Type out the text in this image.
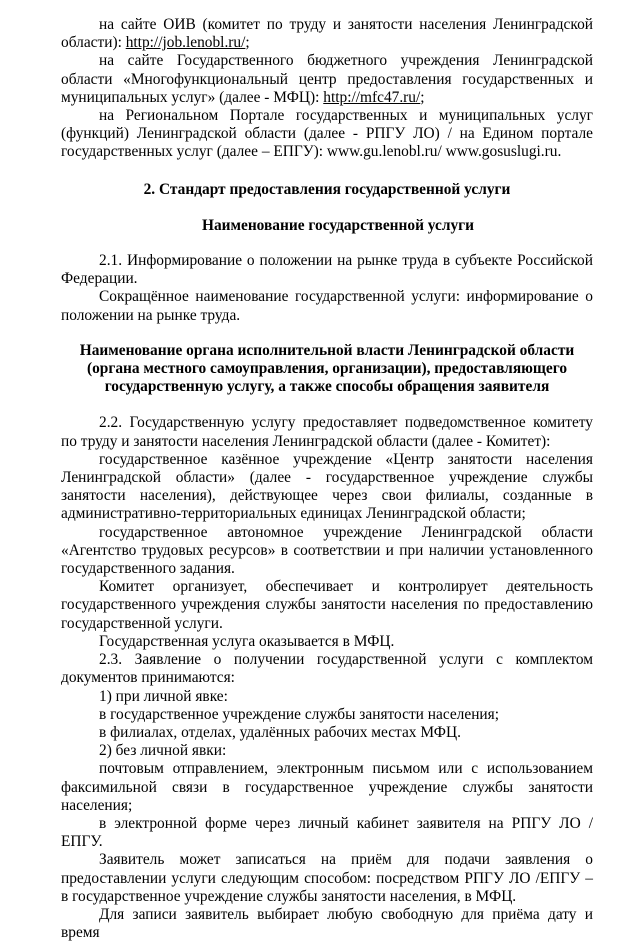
на сайте ОИВ (комитет по труду и занятости населения Ленинградской области): http://job.lenobl.ru/;

на сайте Государственного бюджетного учреждения Ленинградской области «Многофункциональный центр предоставления государственных и муниципальных услуг» (далее - МФЦ): http://mfc47.ru/;

на Региональном Портале государственных и муниципальных услуг (функций) Ленинградской области (далее - РПГУ ЛО) / на Едином портале государственных услуг (далее – ЕПГУ): www.gu.lenobl.ru/ www.gosuslugi.ru.

2. Стандарт предоставления государственной услуги
Наименование государственной услуги

2.1. Информирование о положении на рынке труда в субъекте Российской Федерации.

Сокращённое наименование государственной услуги: информирование о положении на рынке труда.

Наименование органа исполнительной власти Ленинградской области (органа местного самоуправления, организации), предоставляющего государственную услугу, а также способы обращения заявителя

2.2. Государственную услугу предоставляет подведомственное комитету по труду и занятости населения Ленинградской области (далее - Комитет):

государственное казённое учреждение «Центр занятости населения Ленинградской области» (далее - государственное учреждение службы занятости населения), действующее через свои филиалы, созданные в административно-территориальных единицах Ленинградской области;

государственное автономное учреждение Ленинградской области «Агентство трудовых ресурсов» в соответствии и при наличии установленного государственного задания.

Комитет организует, обеспечивает и контролирует деятельность государственного учреждения службы занятости населения по предоставлению государственной услуги.

Государственная услуга оказывается в МФЦ.

2.3. Заявление о получении государственной услуги с комплектом документов принимаются:

1) при личной явке:

в государственное учреждение службы занятости населения;

в филиалах, отделах, удалённых рабочих местах МФЦ.

2) без личной явки:

почтовым отправлением, электронным письмом или с использованием факсимильной связи в государственное учреждение службы занятости населения;

в электронной форме через личный кабинет заявителя на РПГУ ЛО / ЕПГУ.

Заявитель может записаться на приём для подачи заявления о предоставлении услуги следующим способом: посредством РПГУ ЛО /ЕПГУ – в государственное учреждение службы занятости населения, в МФЦ.

Для записи заявитель выбирает любую свободную для приёма дату и время
